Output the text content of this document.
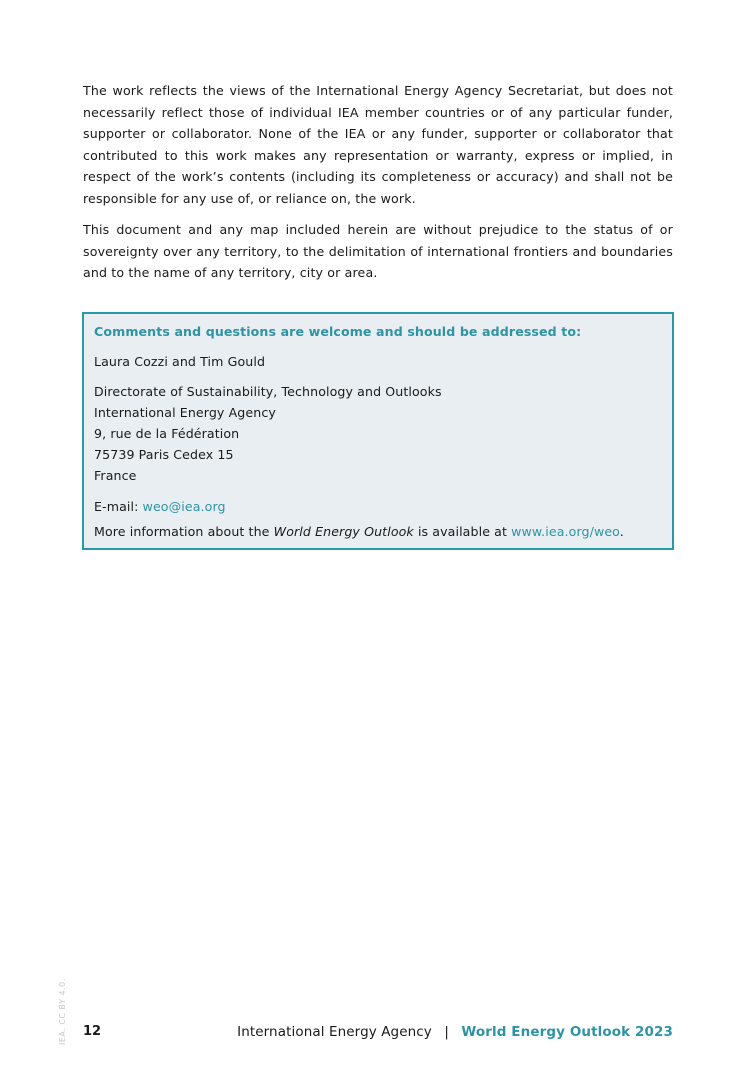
The work reflects the views of the International Energy Agency Secretariat, but does not necessarily reflect those of individual IEA member countries or of any particular funder, supporter or collaborator. None of the IEA or any funder, supporter or collaborator that contributed to this work makes any representation or warranty, express or implied, in respect of the work’s contents (including its completeness or accuracy) and shall not be responsible for any use of, or reliance on, the work.

This document and any map included herein are without prejudice to the status of or sovereignty over any territory, to the delimitation of international frontiers and boundaries and to the name of any territory, city or area.

Comments and questions are welcome and should be addressed to:
Laura Cozzi and Tim Gould
Directorate of Sustainability, Technology and Outlooks
International Energy Agency
9, rue de la Fédération
75739 Paris Cedex 15
France
E-mail: weo@iea.org
More information about the World Energy Outlook is available at www.iea.org/weo.
IEA. CC BY 4.0. 12	International Energy Agency | World Energy Outlook 2023
